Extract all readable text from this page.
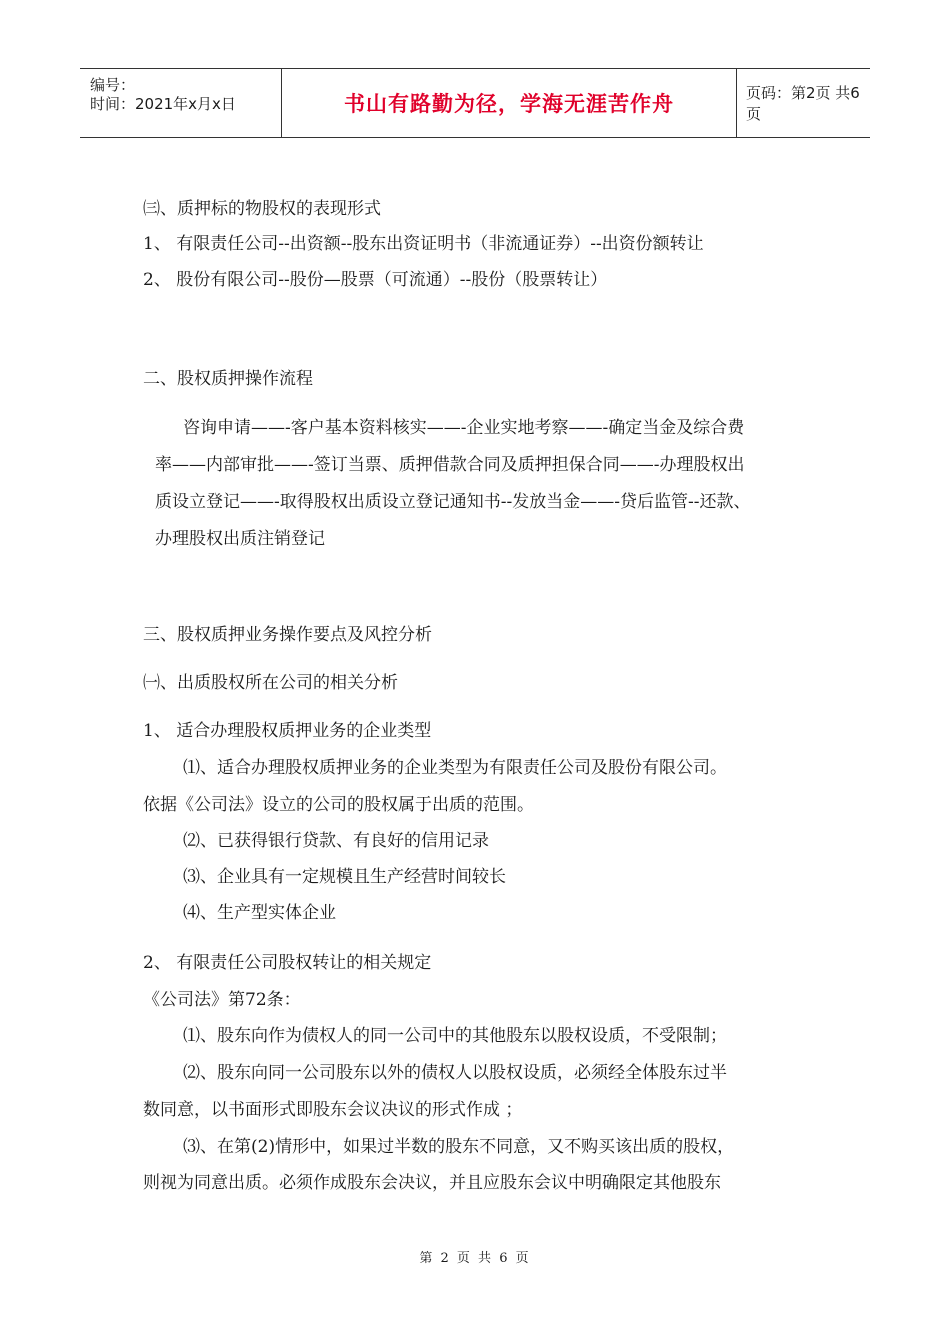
编号：
时间：2021年x月x日	书山有路勤为径，学海无涯苦作舟	页码：第2页 共6页
㈢、质押标的物股权的表现形式
1、 有限责任公司--出资额--股东出资证明书（非流通证券）--出资份额转让
2、 股份有限公司--股份—股票（可流通）--股份（股票转让）
二、股权质押操作流程
咨询申请——-客户基本资料核实——-企业实地考察——-确定当金及综合费
率——内部审批——-签订当票、质押借款合同及质押担保合同——-办理股权出
质设立登记——-取得股权出质设立登记通知书--发放当金——-贷后监管--还款、
办理股权出质注销登记
三、股权质押业务操作要点及风控分析
㈠、出质股权所在公司的相关分析
1、 适合办理股权质押业务的企业类型
⑴、适合办理股权质押业务的企业类型为有限责任公司及股份有限公司。
依据《公司法》设立的公司的股权属于出质的范围。
⑵、已获得银行贷款、有良好的信用记录
⑶、企业具有一定规模且生产经营时间较长
⑷、生产型实体企业
2、 有限责任公司股权转让的相关规定
《公司法》第72条：
⑴、股东向作为债权人的同一公司中的其他股东以股权设质，不受限制；
⑵、股东向同一公司股东以外的债权人以股权设质，必须经全体股东过半
数同意，以书面形式即股东会议决议的形式作成 ；
⑶、在第(2)情形中，如果过半数的股东不同意，又不购买该出质的股权，
则视为同意出质。必须作成股东会决议，并且应股东会议中明确限定其他股东
第 2 页 共 6 页
